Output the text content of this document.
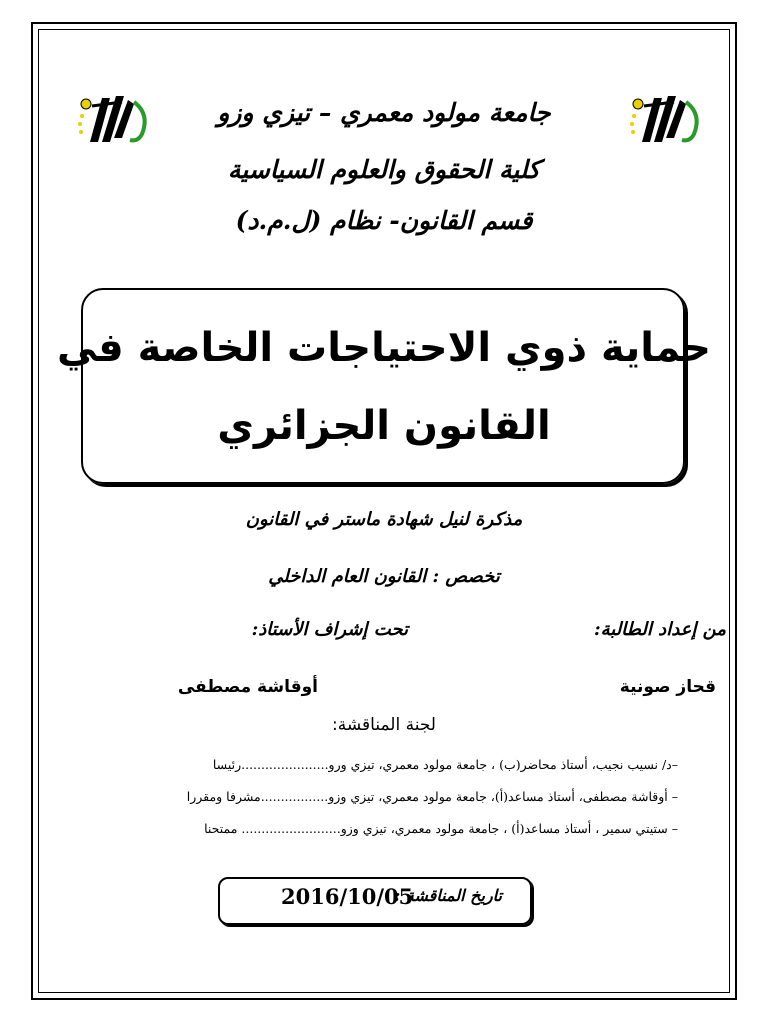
جامعة مولود معمري – تيزي وزو
كلية الحقوق والعلوم السياسية
قسم القانون- نظام (ل.م.د)
حماية ذوي الاحتياجات الخاصة في
القانون الجزائري
مذكرة لنيل شهادة ماستر في القانون
تخصص : القانون العام الداخلي
من إعداد الطالبة:
تحت إشراف الأستاذ:
قحاز صونية
أوقاشة مصطفى
لجنة المناقشة:
–د/ نسيب نجيب، أستاذ محاضر(ب) ، جامعة مولود معمري، تيزي ورو......................رئيسا
– أوقاشة مصطفى، أستاذ مساعد(أ)، جامعة مولود معمري، تيزي وزو.................مشرفا ومقررا
– ستيتي سمير ، أستاذ مساعد(أ) ، جامعة مولود معمري، تيزي وزو......................... ممتحنا
تاريخ المناقشة :
2016/10/05
